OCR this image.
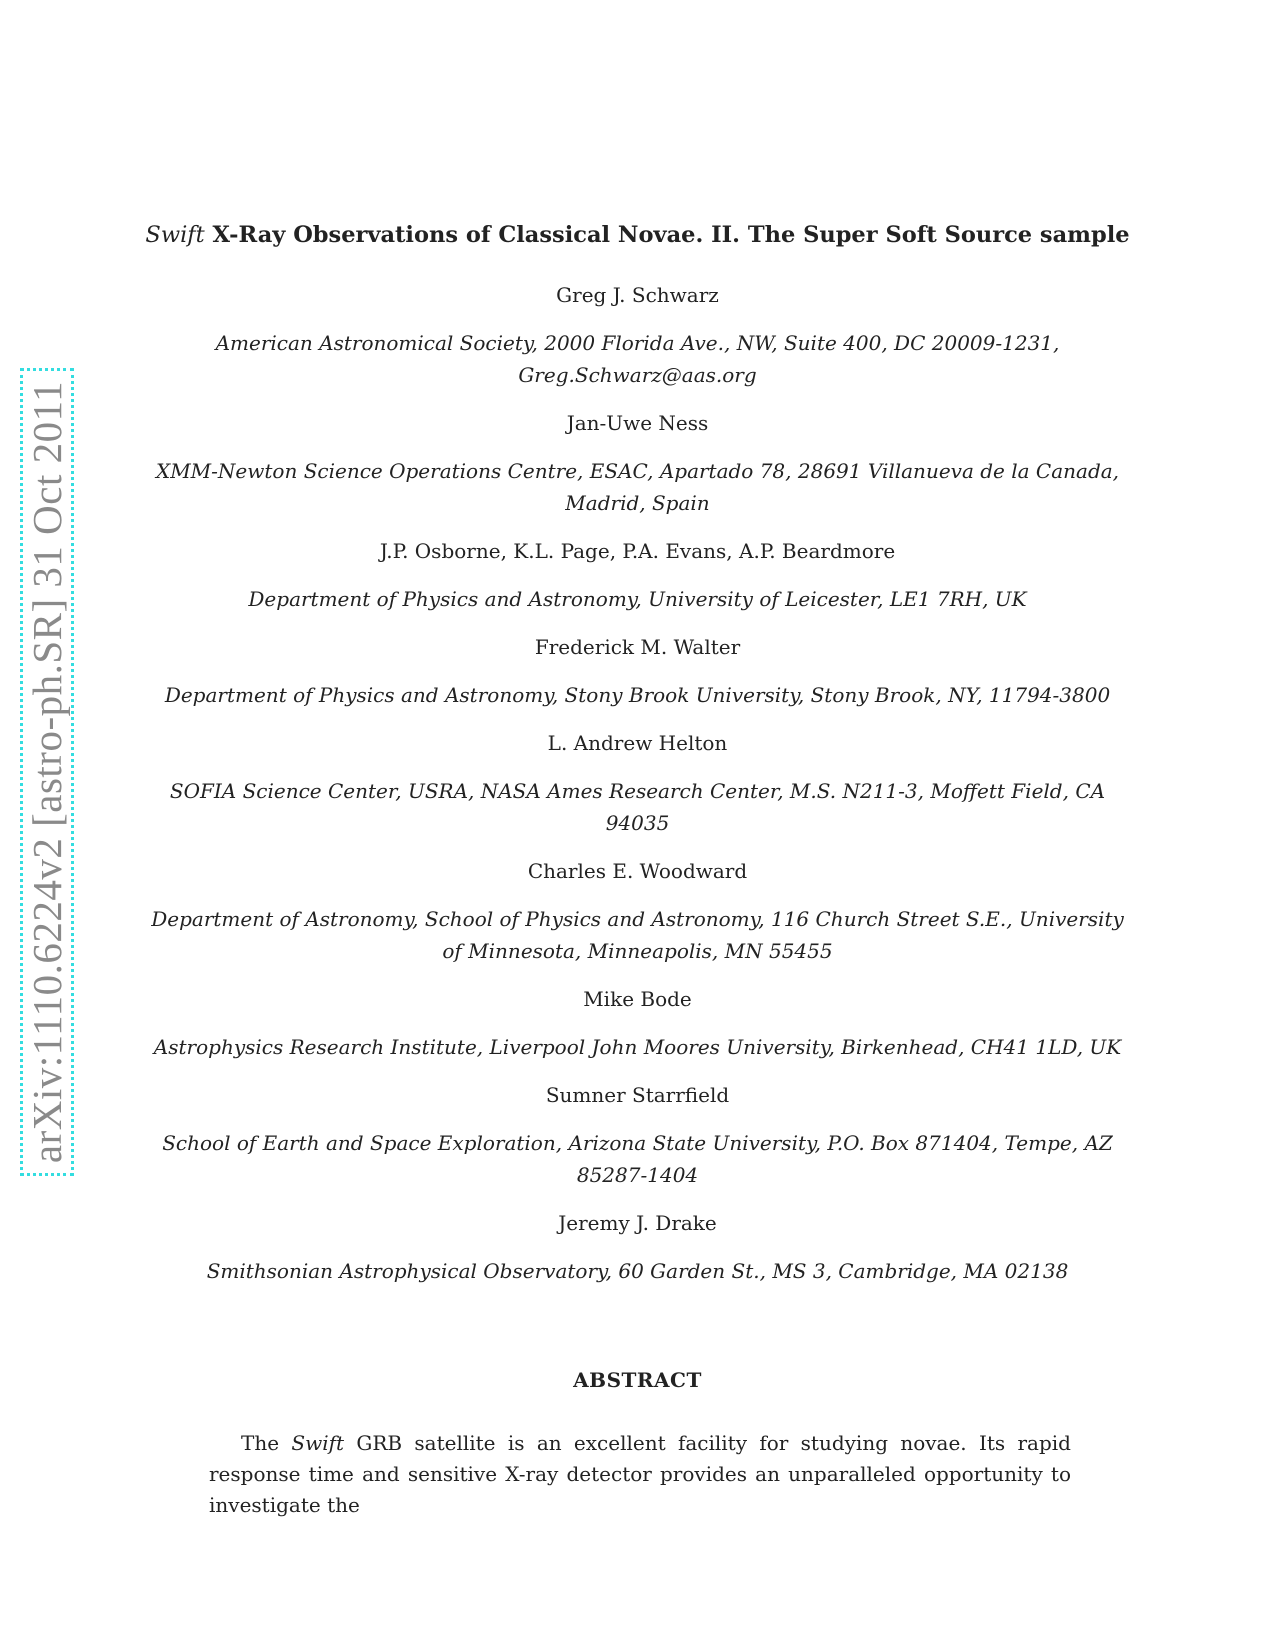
arXiv:1110.6224v2 [astro-ph.SR] 31 Oct 2011
Swift X-Ray Observations of Classical Novae. II. The Super Soft Source sample
Greg J. Schwarz
American Astronomical Society, 2000 Florida Ave., NW, Suite 400, DC 20009-1231, Greg.Schwarz@aas.org
Jan-Uwe Ness
XMM-Newton Science Operations Centre, ESAC, Apartado 78, 28691 Villanueva de la Canada, Madrid, Spain
J.P. Osborne, K.L. Page, P.A. Evans, A.P. Beardmore
Department of Physics and Astronomy, University of Leicester, LE1 7RH, UK
Frederick M. Walter
Department of Physics and Astronomy, Stony Brook University, Stony Brook, NY, 11794-3800
L. Andrew Helton
SOFIA Science Center, USRA, NASA Ames Research Center, M.S. N211-3, Moffett Field, CA 94035
Charles E. Woodward
Department of Astronomy, School of Physics and Astronomy, 116 Church Street S.E., University of Minnesota, Minneapolis, MN 55455
Mike Bode
Astrophysics Research Institute, Liverpool John Moores University, Birkenhead, CH41 1LD, UK
Sumner Starrfield
School of Earth and Space Exploration, Arizona State University, P.O. Box 871404, Tempe, AZ 85287-1404
Jeremy J. Drake
Smithsonian Astrophysical Observatory, 60 Garden St., MS 3, Cambridge, MA 02138
ABSTRACT
The Swift GRB satellite is an excellent facility for studying novae. Its rapid response time and sensitive X-ray detector provides an unparalleled opportunity to investigate the
